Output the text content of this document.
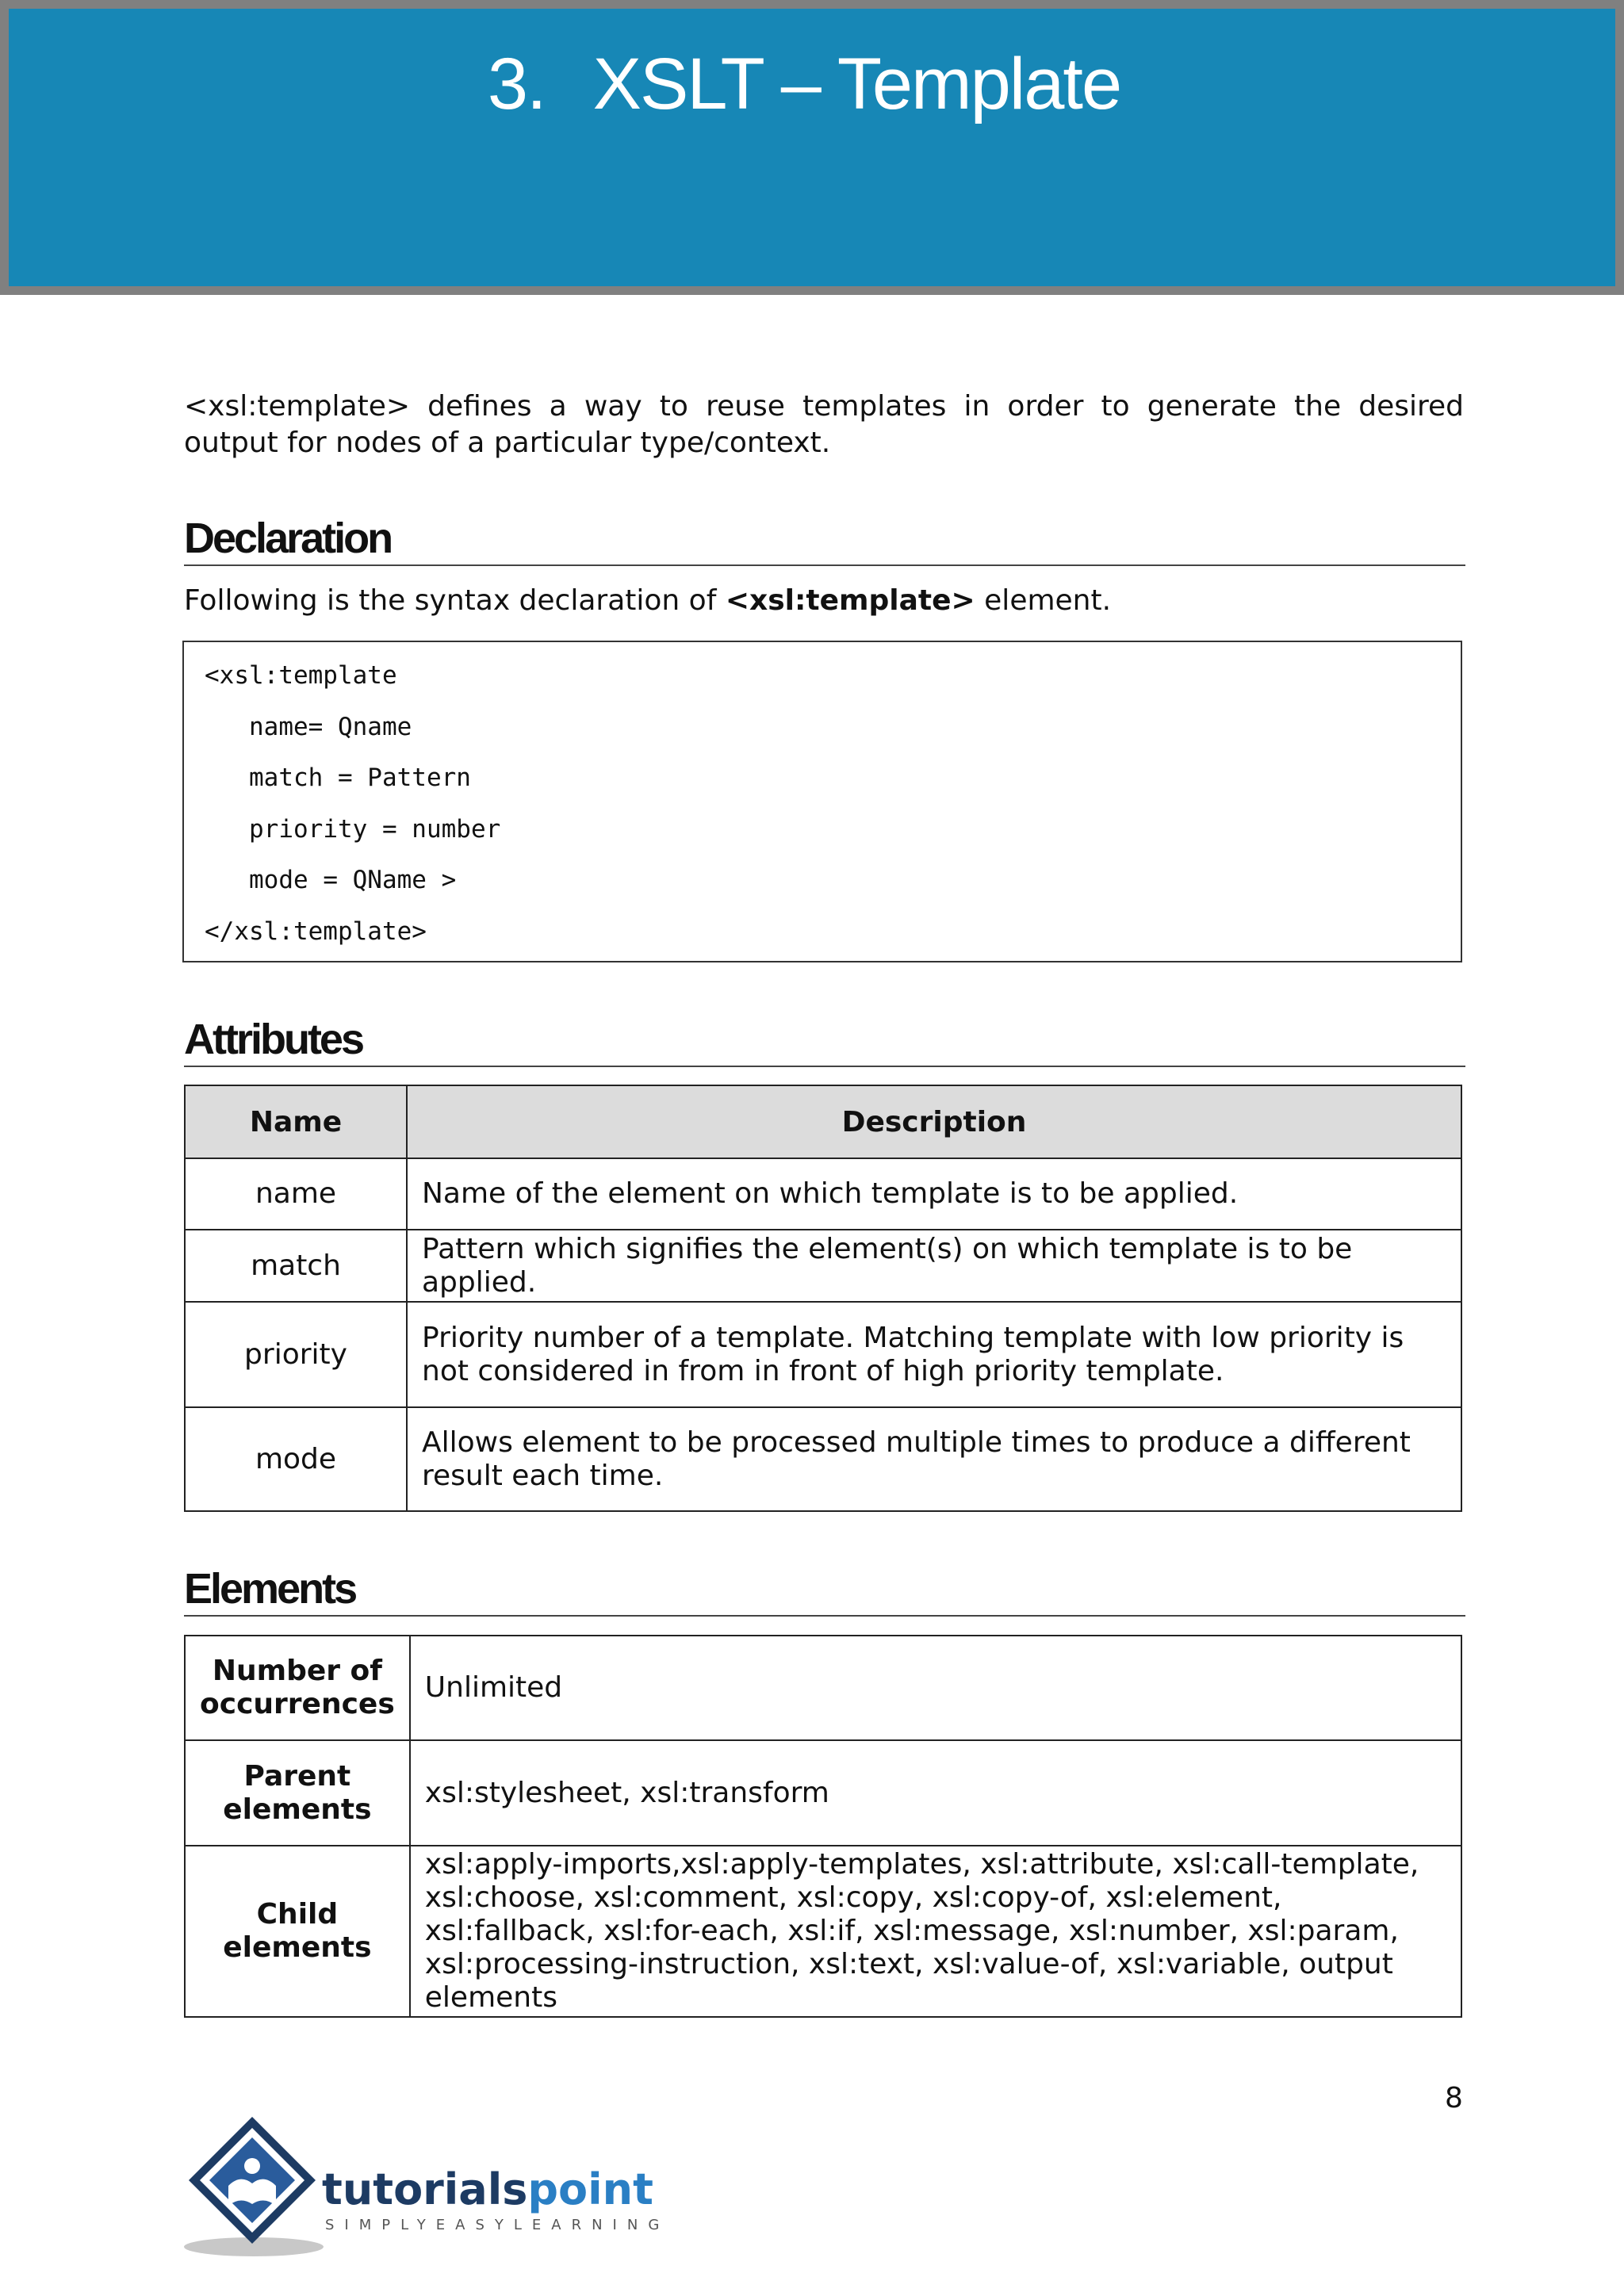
3. XSLT – Template

<xsl:template> defines a way to reuse templates in order to generate the desired output for nodes of a particular type/context.

Declaration

Following is the syntax declaration of <xsl:template> element.

<xsl:template
name= Qname
match = Pattern
priority = number
mode = QName >
</xsl:template>
Attributes
Name	Description
name	Name of the element on which template is to be applied.
match	Pattern which signifies the element(s) on which template is to be applied.
priority	Priority number of a template. Matching template with low priority is not considered in from in front of high priority template.
mode	Allows element to be processed multiple times to produce a different result each time.
Elements
Number of occurrences	Unlimited
Parent elements	xsl:stylesheet, xsl:transform
Child elements	xsl:apply-imports,xsl:apply-templates, xsl:attribute, xsl:call-template, xsl:choose, xsl:comment, xsl:copy, xsl:copy-of, xsl:element, xsl:fallback, xsl:for-each, xsl:if, xsl:message, xsl:number, xsl:param, xsl:processing-instruction, xsl:text, xsl:value-of, xsl:variable, output elements
8
tutorialspoint
SIMPLYEASYLEARNING
